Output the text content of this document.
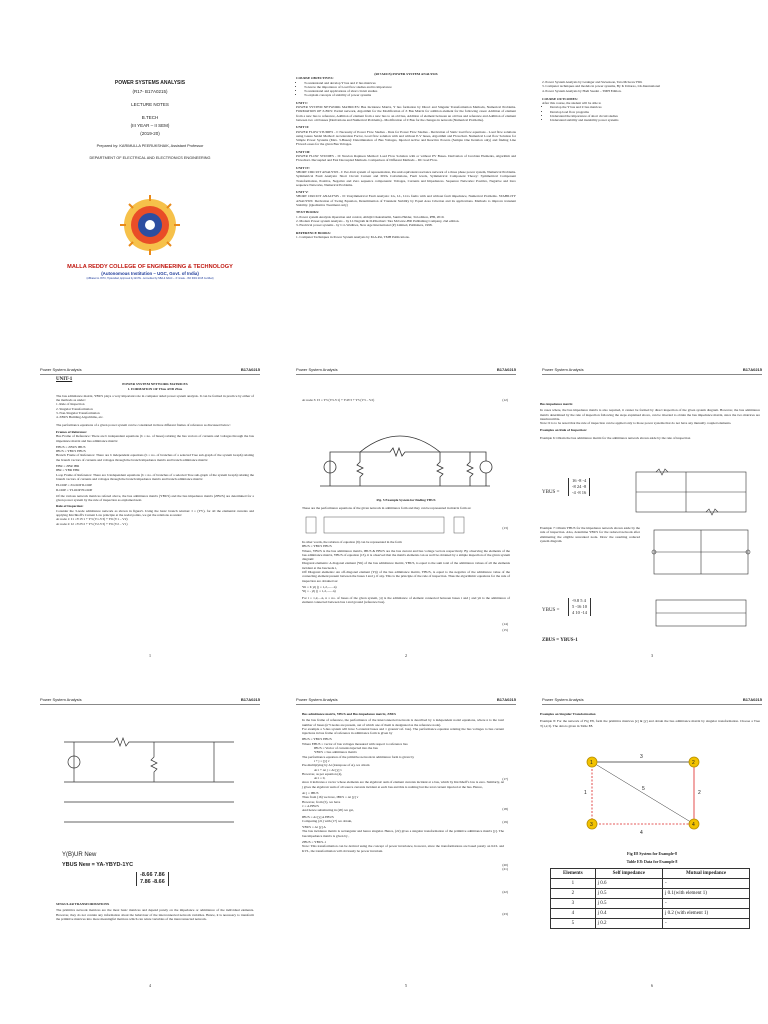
POWER SYSTEMS ANALYSIS
(R17- B17A0215)
LECTURE NOTES
B.TECH
(III YEAR – II SEM)
(2019-20)
Prepared by: KARIMULLA PEERUKSHAIK, Assistant Professor
DEPARTMENT OF ELECTRICAL AND ELECTRONICS ENGINEERING
MALLA REDDY COLLEGE OF ENGINEERING & TECHNOLOGY
(Autonomous Institution – UGC, Govt. of India)
(Affiliated to JNTU, Hyderabad, Approved by AICTE - Accredited by NBA & NAAC – 'A' Grade - ISO 9001:2015 Certified)
(R17A0215) POWER SYSTEM ANALYSIS
COURSE OBJECTIVES:
• To understand and develop Y bus and Z bus matrices
• To know the importance of Load flow studies and its importance
• To understand and applications of short circuit studies
• To explain concepts of stability of power systems
UNIT I:
POWER SYSTEM NETWORK MATRICES: Bus Incidence Matrix, Y bus formation by Direct and Singular Transformation Methods, Numerical Problems. FORMATION OF Z-BUS: Partial network, Algorithm for the Modification of Z Bus Matrix for addition element for the following cases: Addition of element from a new bus to reference, Addition of element from a new bus to an old bus, Addition of element between an old bus and reference and Addition of element between two old busses (Derivations and Numerical Problems).- Modification of Z Bus for the changes in network (Numerical Problems).
UNIT II:
POWER FLOW STUDIES - I: Necessity of Power Flow Studies - Data for Power Flow Studies - Derivation of Static load flow equations - Load flow solutions using Gauss Seidel Method: Acceleration Factor, Load flow solution with and without P-V buses, Algorithm and Flowchart. Numerical Load flow Solution for Simple Power Systems (Max. 3-Buses): Determination of Bus Voltages, Injected Active and Reactive Powers (Sample One Iteration only) and finding Line Flows/Losses for the given Bus Voltages.
UNIT III:
POWER FLOW STUDIES - II: Newton Raphson Method: Load Flow Solution with or without PV Buses- Derivation of Jacobian Elements, Algorithm and Flowchart. Decoupled and Fast Decoupled Methods. Comparison of Different Methods – DC load Flow.
UNIT IV:
SHORT CIRCUIT ANALYSIS - I: Per-Unit system of representation, Per-unit equivalent reactance network of a three phase power system, Numerical Problems. Symmetrical Fault Analysis: Short Circuit Current and MVA Calculations, Fault levels, Symmetrical Component Theory: Symmetrical Component Transformation, Positive, Negative and Zero sequence components: Voltages, Currents and Impedances. Sequence Networks: Positive, Negative and Zero sequence Networks, Numerical Problems.
UNIT V:
SHORT CIRCUIT ANALYSIS - II: Unsymmetrical Fault Analysis: LG, LL, LLG faults with and without fault impedance, Numerical Problems. STABILITY ANALYSIS: Derivation of Swing Equation, Determination of Transient Stability by Equal Area Criterion and its applications. Methods to improve transient Stability. (Qualitative Treatment only)
TEXT BOOKS:
1. Power system Analysis Operation and control, Abhijit Chakrabarthi, Sunita Halder, 3rd edition, PHI, 2010.
2. Modern Power system Analysis – by I.J.Nagrath & D.P.Kothari: Tata McGraw-Hill Publishing Company, 2nd edition.
3. Electrical power systems - by C.L.Wadhwa, New Age International (P) Limited, Publishers, 1998.
REFERENCE BOOKS:
1. Computer Techniques in Power System Analysis by M.A.Pai, TMH Publications.
2. Power System Analysis by Grainger and Stevenson, Tata McGraw Hill.
3. Computer techniques and models in power systems, By K Umarao, I.K.International
4. Power System Analysis by Hadi Saadat – TMH Edition.
COURSE OUTCOMES:
After this course, the student will be able to
• Develop the Y bus and Z bus matrices
• Develop load flow programs
• Understand the importance of short circuit studies
• Understand stability and instability power systems
Power System Analysis	B17A0215
UNIT-1
POWER SYSTEM NETWORK MATRICES
1. FORMATION OF Ybus AND Zbus
The bus admittance matrix, YBUS plays a very important role in computer aided power system analysis. It can be formed in practice by either of the methods as under:
1. Rule of Inspection
2. Singular Transformation
3. Non-Singular Transformation
4. ZBUS Building Algorithms, etc.
The performance equations of a given power system can be considered in three different frames of reference as discussed below:
Frames of Reference:
Bus Frame of Reference: There are b independent equations (b = no. of buses) relating the bus vectors of currents and voltages through the bus impedance matrix and bus admittance matrix:
EBUS = ZBUS IBUS
IBUS = YBUS EBUS
Branch Frame of Reference: There are b independent equations (b = no. of branches of a selected Tree sub-graph of the system Graph) relating the branch vectors of currents and voltages through the branch impedance matrix and branch admittance matrix:
EBR = ZBR IBR
IBR = YBR EBR
Loop Frame of Reference: There are b independent equations (b = no. of branches of a selected Tree sub-graph of the system Graph) relating the branch vectors of currents and voltages through the branch impedance matrix and branch admittance matrix:
ELOOP = ZLOOP ILOOP
ILOOP = YLOOP ELOOP
Of the various network matrices refered above, the bus admittance matrix (YBUS) and the bus impedance matrix (ZBUS) are determined for a given power system by the rule of inspection as explained next.
Rule of Inspection:
Consider the 3-node admittance network as shown in figure5. Using the basic branch relation: I = (YV), for all the elemental currents and applying Kirchhoff's Current Law principle at the nodal points, we get the relations as under:
At node 1: I1 =Y1V1 + Y3 (V1-V3) + Y6 (V1 – V2)
At node 2: I2 =Y2V2 + Y5 (V2-V3) + Y6 (V2 – V1)
1
Power System Analysis	B17A0215
At node 3: I3 = Y3 (V3-V1) + Y4V3 + Y5 (V3 – V2)	(12)
Fig. 5 Example System for finding YBUS
These are the performance equations of the given network in admittance form and they can be represented in matrix form as:
(13)
In other words, the relation of equation (9) can be represented in the form
IBUS = YBUS EBUS
Where, YBUS is the bus admittance matrix, IBUS & EBUS are the bus current and bus voltage vectors respectively. By observing the elements of the bus admittance matrix, YBUS of equation (13), it is observed that the matrix elements can as well be obtained by a simple inspection of the given system diagram:
Diagonal elements: A diagonal element (Yii) of the bus admittance matrix, YBUS, is equal to the sum total of the admittance values of all the elements incident at the bus/node i,
Off Diagonal elements: An off-diagonal element (Yij) of the bus admittance matrix, YBUS, is equal to the negative of the admittance value of the connecting element present between the buses I and j, if any. This is the principle of the rule of inspection. Thus the algorithmic equations for the rule of inspection are obtained as:
Yii = Σ yij (j = 1,2,.......n)
Yij = - yij (j = 1,2,.......n)
For i = 1,2,....n, n = no. of buses of the given system, yij is the admittance of element connected between buses i and j and yii is the admittance of element connected between bus i and ground (reference bus).
(14)
(15)
2
Power System Analysis	B17A0215
Bus impedance matrix
In cases where, the bus impedance matrix is also required, it cannot be formed by direct inspection of the given system diagram. However, the bus admittance matrix determined by the rule of inspection following the steps explained above, can be inverted to obtain the bus impedance matrix, since the two matrices are interinvertible.
Note: It is to be noted that the rule of inspection can be applied only to those power systems that do not have any mutually coupled elements.
Examples on Rule of Inspection:
Example 6: Obtain the bus admittance matrix for the admittance network shown aside by the rule of inspection
YBUS =
16 -8 -4
-8 24 -8
-4 -8 16
Example 7: Obtain YBUS for the impedance network shown aside by the rule of inspection. Also, determine YBUS for the reduced network after eliminating the eligible unwanted node. Draw the resulting reduced system diagram.
YBUS =
-9.8 5 4
5 -16 10
4 10 -14
ZBUS = YBUS-1
3
Power System Analysis	B17A0215
Y(B)UR New
YBUS New = YA-YBYD-1YC
-8.66 7.86
7.86 -8.66
SINGULAR TRANSFORMATIONS
The primitive network matrices are the most basic matrices and depend purely on the impedance or admittance of the individual elements. However, they do not contain any information about the behaviour of the interconnected network variables. Hence, it is necessary to transform the primitive matrices into more meaningful matrices which can relate variables of the interconnected network.
4
Power System Analysis	B17A0215
Bus admittance matrix, YBUS and Bus impedance matrix, ZBUS
In the bus frame of reference, the performance of the interconnected network is described by n independent nodal equations, where n is the total number of buses (n+1nodes are present, out of which one of them is designated as the reference node).
For example a 5-bus system will have 5 external buses and 1 ground/ ref. bus). The performance equation relating the bus voltages to bus current injections in bus frame of reference in admittance form is given by
IBUS = YBUS EBUS
Where EBUS = vector of bus voltages measured with respect to reference bus
IBUS = Vector of currents injected into the bus
YBUS = bus admittance matrix
The performance equation of the primitive network in admittance form is given by
i + j = [y] v
Pre-multiplying by At (transpose of A), we obtain
At i + At j = At [y] v
However, as per equation (4),
At i = 0,
since it indicates a vector whose elements are the algebraic sum of element currents incident at a bus, which by Kirchhoff's law is zero. Similarly, At j gives the algebraic sum of all source currents incident at each bus and this is nothing but the total current injected at the bus. Hence,
At j = IBUS
Thus from (16) we have, IBUS = At [y] v
However, from (5), we have
v = A EBUS
And hence substituting in (20) we get,
IBUS = At [y] A EBUS
Comparing (21) with (17) we obtain,
YBUS = At [y] A
The bus incidence matrix is rectangular and hence singular. Hence, (22) gives a singular transformation of the primitive admittance matrix [y]. The bus impedance matrix is given by ,
ZBUS = YBUS-1
Note: This transformation can be derived using the concept of power invariance, however, since the transformations are based purely on KCL and KVL, the transformation will obviously be power invariant.
(17)
(18)
(19)
(20)
(21)
(22)
(23)
5
Power System Analysis	B17A0215
Examples on Singular Transformation
Example 8: For the network of Fig E8, form the primitive matrices [z] & [y] and obtain the bus admittance matrix by singular transformation. Choose a Tree T(1,2,3). The data is given in Table E8.
1	2
3	4
1	2
3
4
5
Fig E8 System for Example-8
Table E8: Data for Example 8
Elements	Self impedance	Mutual impedance
1	j 0.6	-
2	j 0.5	j 0.1(with element 1)
3	j 0.5	-
4	j 0.4	j 0.2 (with element 1)
5	j 0.2	-
6
